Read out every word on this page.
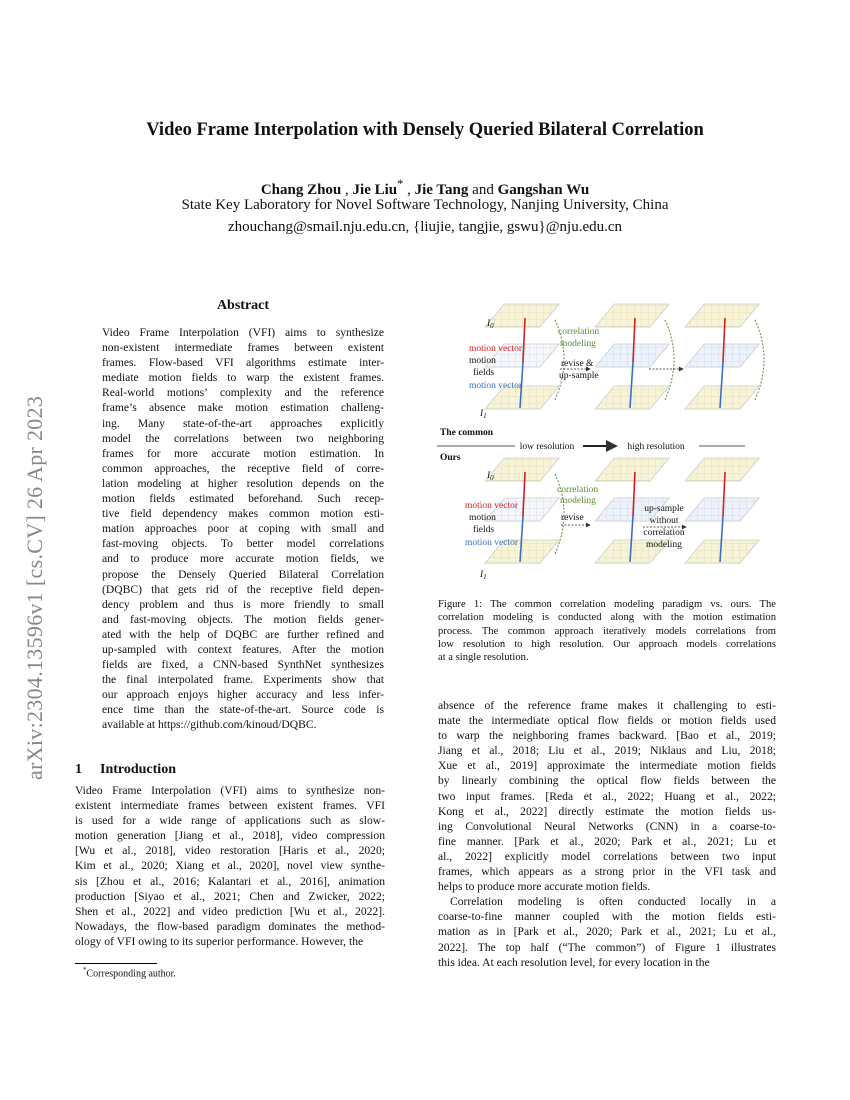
arXiv:2304.13596v1 [cs.CV] 26 Apr 2023
Video Frame Interpolation with Densely Queried Bilateral Correlation
Chang Zhou , Jie Liu* , Jie Tang and Gangshan Wu
State Key Laboratory for Novel Software Technology, Nanjing University, China
zhouchang@smail.nju.edu.cn, {liujie, tangjie, gswu}@nju.edu.cn
Abstract
Video Frame Interpolation (VFI) aims to synthesize
non-existent intermediate frames between existent
frames. Flow-based VFI algorithms estimate inter-
mediate motion fields to warp the existent frames.
Real-world motions’ complexity and the reference
frame’s absence make motion estimation challeng-
ing. Many state-of-the-art approaches explicitly
model the correlations between two neighboring
frames for more accurate motion estimation. In
common approaches, the receptive field of corre-
lation modeling at higher resolution depends on the
motion fields estimated beforehand. Such recep-
tive field dependency makes common motion esti-
mation approaches poor at coping with small and
fast-moving objects. To better model correlations
and to produce more accurate motion fields, we
propose the Densely Queried Bilateral Correlation
(DQBC) that gets rid of the receptive field depen-
dency problem and thus is more friendly to small
and fast-moving objects. The motion fields gener-
ated with the help of DQBC are further refined and
up-sampled with context features. After the motion
fields are fixed, a CNN-based SynthNet synthesizes
the final interpolated frame. Experiments show that
our approach enjoys higher accuracy and less infer-
ence time than the state-of-the-art. Source code is
available at https://github.com/kinoud/DQBC.
1 Introduction
Video Frame Interpolation (VFI) aims to synthesize non-
existent intermediate frames between existent frames. VFI
is used for a wide range of applications such as slow-
motion generation [Jiang et al., 2018], video compression
[Wu et al., 2018], video restoration [Haris et al., 2020;
Kim et al., 2020; Xiang et al., 2020], novel view synthe-
sis [Zhou et al., 2016; Kalantari et al., 2016], animation
production [Siyao et al., 2021; Chen and Zwicker, 2022;
Shen et al., 2022] and video prediction [Wu et al., 2022].
Nowadays, the flow-based paradigm dominates the method-
ology of VFI owing to its superior performance. However, the
*Corresponding author.
$I_0$
$I_1$
motion vector
motion
fields
motion vector
correlation
modeling
revise &
up-sample
The common
low resolution	high resolution
Ours
$I_0$
$I_1$
motion vector
motion
fields
motion vector
correlation
modeling
revise
up-sample
without
correlation
modeling
Figure 1: The common correlation modeling paradigm vs. ours. The
correlation modeling is conducted along with the motion estimation
process. The common approach iteratively models correlations from
low resolution to high resolution. Our approach models correlations
at a single resolution.
absence of the reference frame makes it challenging to esti-
mate the intermediate optical flow fields or motion fields used
to warp the neighboring frames backward. [Bao et al., 2019;
Jiang et al., 2018; Liu et al., 2019; Niklaus and Liu, 2018;
Xue et al., 2019] approximate the intermediate motion fields
by linearly combining the optical flow fields between the
two input frames. [Reda et al., 2022; Huang et al., 2022;
Kong et al., 2022] directly estimate the motion fields us-
ing Convolutional Neural Networks (CNN) in a coarse-to-
fine manner. [Park et al., 2020; Park et al., 2021; Lu et
al., 2022] explicitly model correlations between two input
frames, which appears as a strong prior in the VFI task and
helps to produce more accurate motion fields.
Correlation modeling is often conducted locally in a
coarse-to-fine manner coupled with the motion fields esti-
mation as in [Park et al., 2020; Park et al., 2021; Lu et al.,
2022]. The top half (“The common”) of Figure 1 illustrates
this idea. At each resolution level, for every location in the
